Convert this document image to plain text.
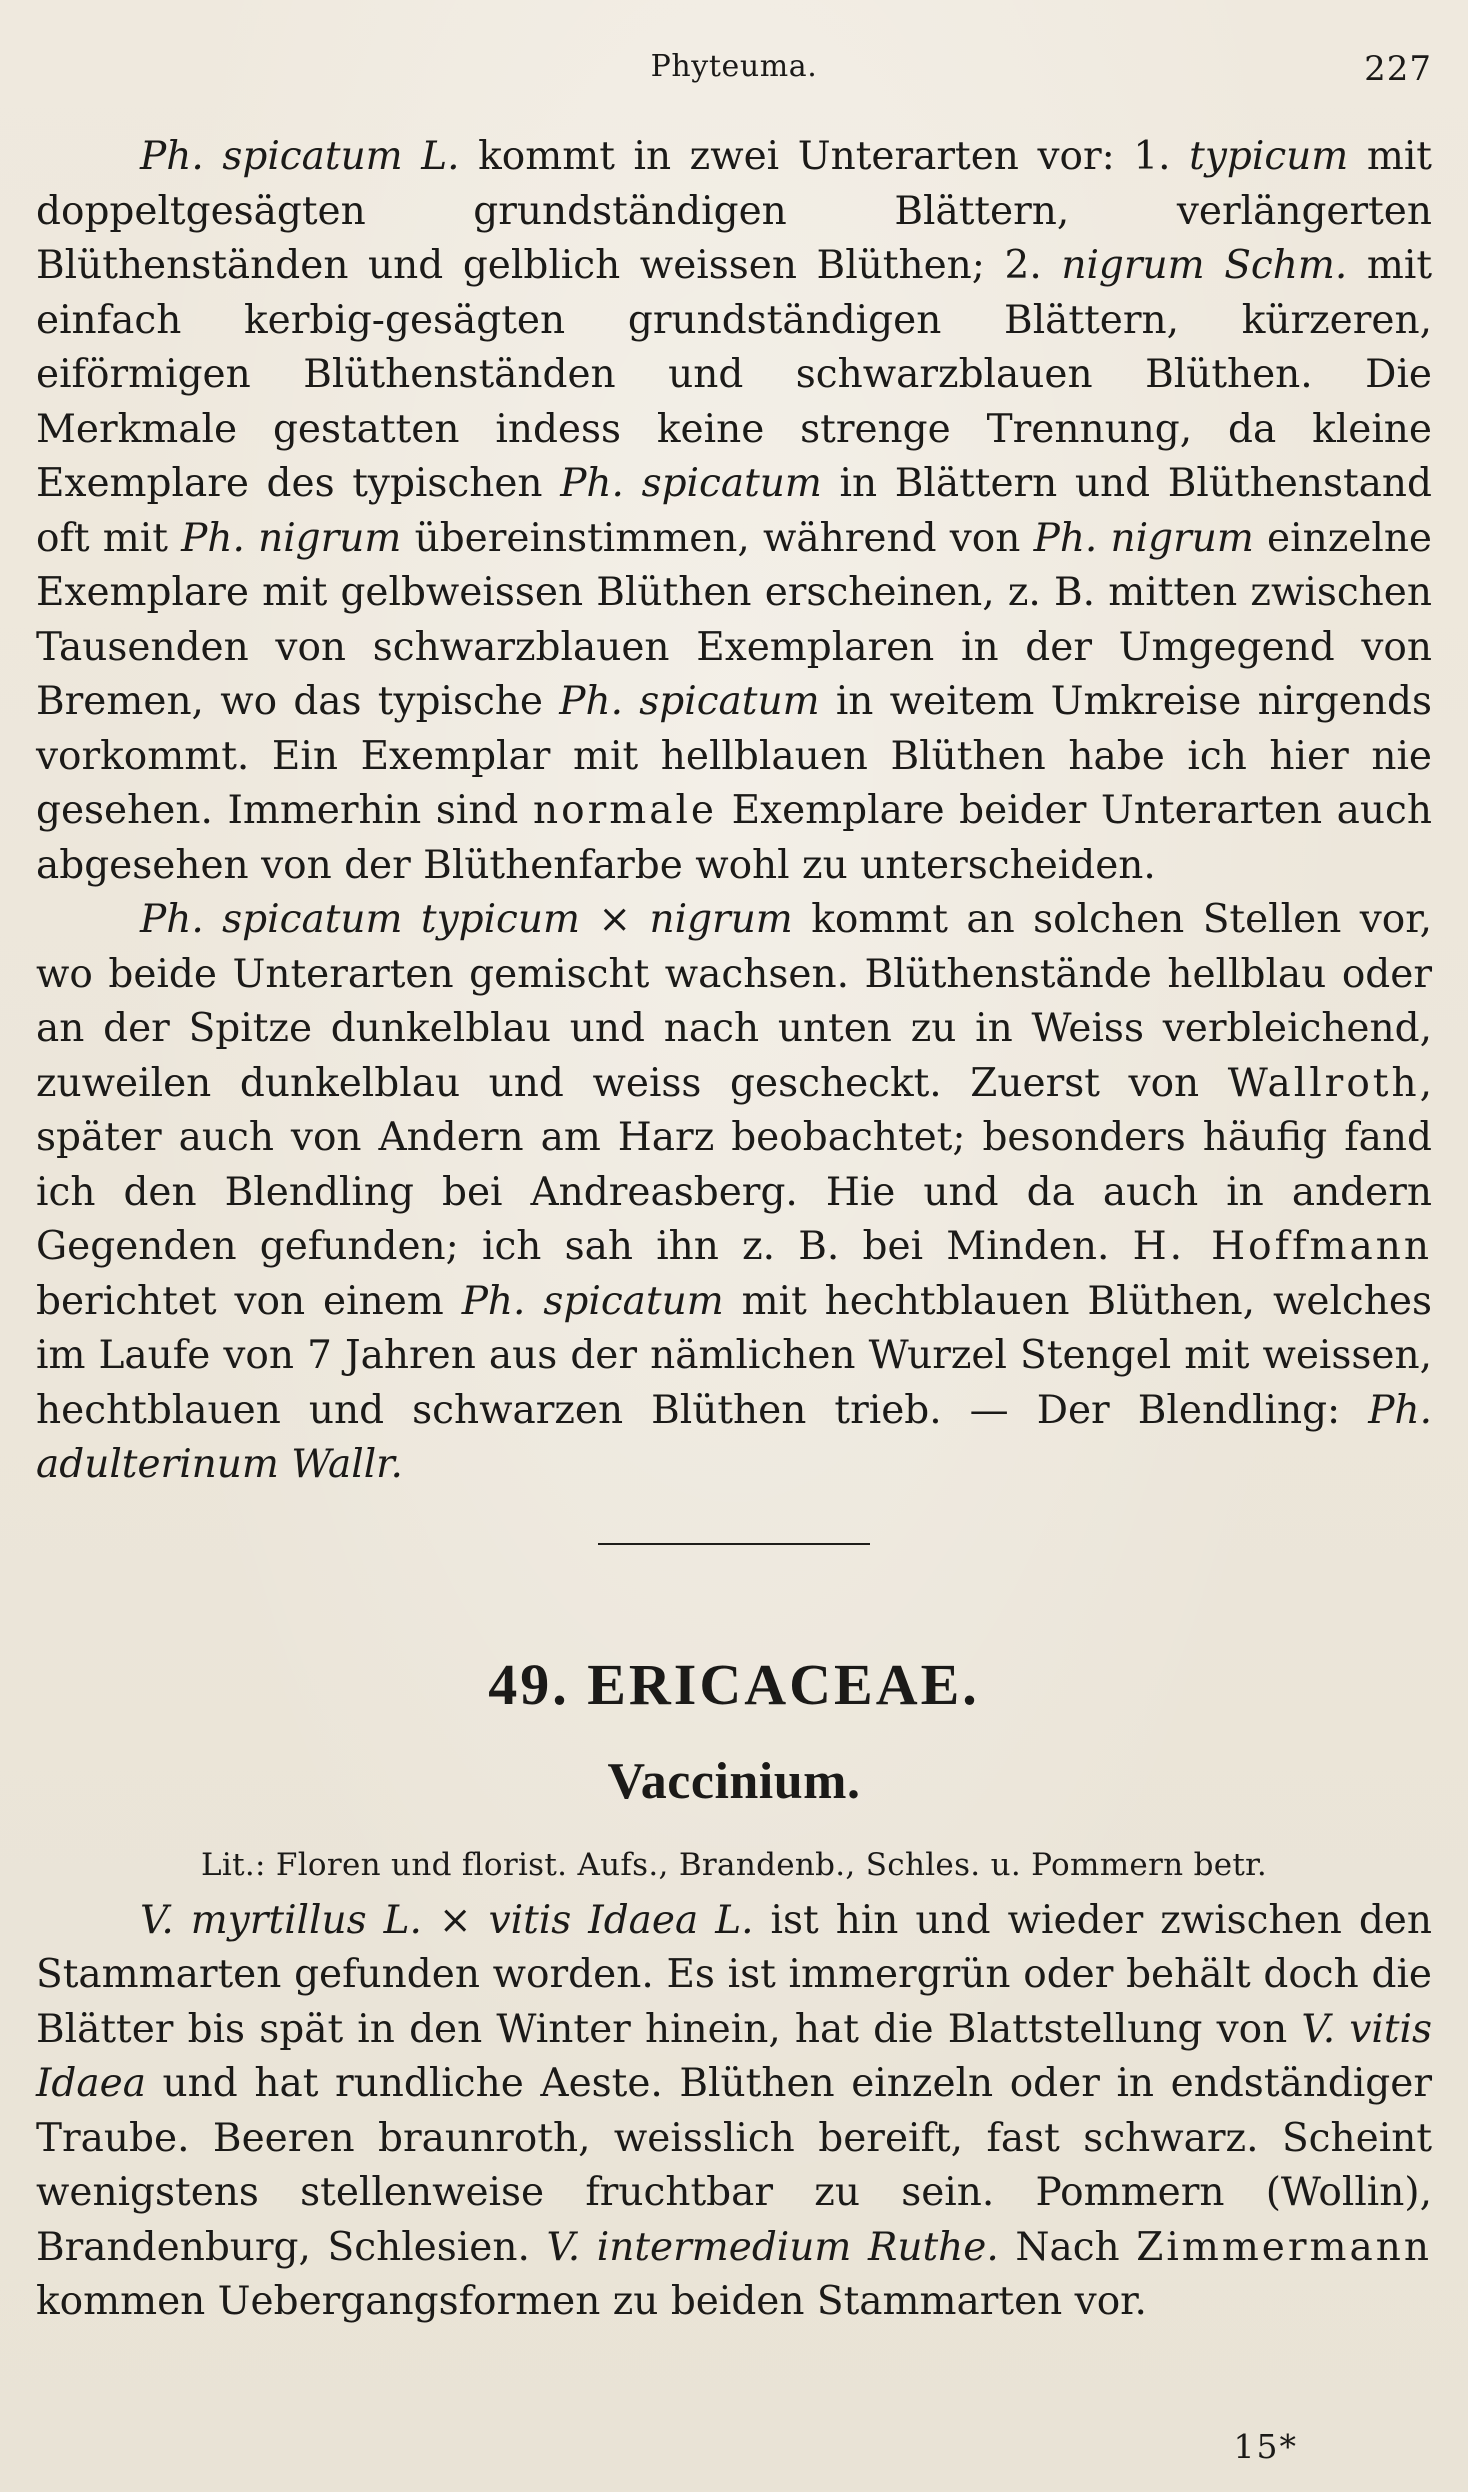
Phyteuma.	227

Ph. spicatum L. kommt in zwei Unterarten vor: 1. typicum mit doppeltgesägten grundständigen Blättern, verlängerten Blüthenständen und gelblich weissen Blüthen; 2. nigrum Schm. mit einfach kerbig-gesägten grundständigen Blättern, kürzeren, eiförmigen Blüthenständen und schwarzblauen Blüthen. Die Merkmale gestatten indess keine strenge Trennung, da kleine Exemplare des typischen Ph. spicatum in Blättern und Blüthenstand oft mit Ph. nigrum übereinstimmen, während von Ph. nigrum einzelne Exemplare mit gelbweissen Blüthen erscheinen, z. B. mitten zwischen Tausenden von schwarzblauen Exemplaren in der Umgegend von Bremen, wo das typische Ph. spicatum in weitem Umkreise nirgends vorkommt. Ein Exemplar mit hellblauen Blüthen habe ich hier nie gesehen. Immerhin sind normale Exemplare beider Unterarten auch abgesehen von der Blüthenfarbe wohl zu unterscheiden.

Ph. spicatum typicum × nigrum kommt an solchen Stellen vor, wo beide Unterarten gemischt wachsen. Blüthenstände hellblau oder an der Spitze dunkelblau und nach unten zu in Weiss verbleichend, zuweilen dunkelblau und weiss gescheckt. Zuerst von Wallroth, später auch von Andern am Harz beobachtet; besonders häufig fand ich den Blendling bei Andreasberg. Hie und da auch in andern Gegenden gefunden; ich sah ihn z. B. bei Minden. H. Hoffmann berichtet von einem Ph. spicatum mit hechtblauen Blüthen, welches im Laufe von 7 Jahren aus der nämlichen Wurzel Stengel mit weissen, hechtblauen und schwarzen Blüthen trieb. — Der Blendling: Ph. adulterinum Wallr.

49. ERICACEAE.
Vaccinium.
Lit.: Floren und florist. Aufs., Brandenb., Schles. u. Pommern betr.

V. myrtillus L. × vitis Idaea L. ist hin und wieder zwischen den Stammarten gefunden worden. Es ist immergrün oder behält doch die Blätter bis spät in den Winter hinein, hat die Blattstellung von V. vitis Idaea und hat rundliche Aeste. Blüthen einzeln oder in endständiger Traube. Beeren braunroth, weisslich bereift, fast schwarz. Scheint wenigstens stellenweise fruchtbar zu sein. Pommern (Wollin), Brandenburg, Schlesien. V. intermedium Ruthe. Nach Zimmermann kommen Uebergangsformen zu beiden Stammarten vor.

15*
